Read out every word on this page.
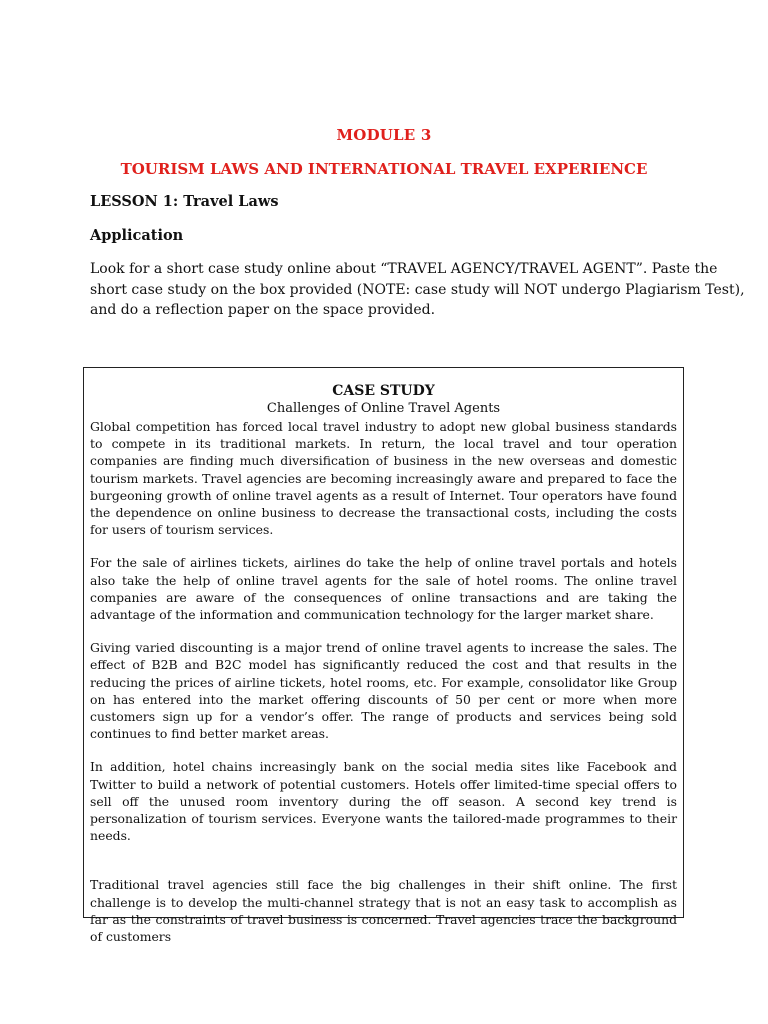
MODULE 3
TOURISM LAWS AND INTERNATIONAL TRAVEL EXPERIENCE
LESSON 1: Travel Laws
Application

Look for a short case study online about “TRAVEL AGENCY/TRAVEL AGENT”. Paste the

short case study on the box provided (NOTE: case study will NOT undergo Plagiarism Test),

and do a reflection paper on the space provided.

CASE STUDY

Challenges of Online Travel Agents

Global competition has forced local travel industry to adopt new global business standards to compete in its traditional markets. In return, the local travel and tour operation companies are finding much diversification of business in the new overseas and domestic tourism markets. Travel agencies are becoming increasingly aware and prepared to face the burgeoning growth of online travel agents as a result of Internet. Tour operators have found the dependence on online business to decrease the transactional costs, including the costs for users of tourism services.

For the sale of airlines tickets, airlines do take the help of online travel portals and hotels also take the help of online travel agents for the sale of hotel rooms. The online travel companies are aware of the consequences of online transactions and are taking the advantage of the information and communication technology for the larger market share.

Giving varied discounting is a major trend of online travel agents to increase the sales. The effect of B2B and B2C model has significantly reduced the cost and that results in the reducing the prices of airline tickets, hotel rooms, etc. For example, consolidator like Group on has entered into the market offering discounts of 50 per cent or more when more customers sign up for a vendor’s offer. The range of products and services being sold continues to find better market areas.

In addition, hotel chains increasingly bank on the social media sites like Facebook and Twitter to build a network of potential customers. Hotels offer limited-time special offers to sell off the unused room inventory during the off season. A second key trend is personalization of tourism services. Everyone wants the tailored-made programmes to their needs.

Traditional travel agencies still face the big challenges in their shift online. The first challenge is to develop the multi-channel strategy that is not an easy task to accomplish as far as the constraints of travel business is concerned. Travel agencies trace the background of customers
